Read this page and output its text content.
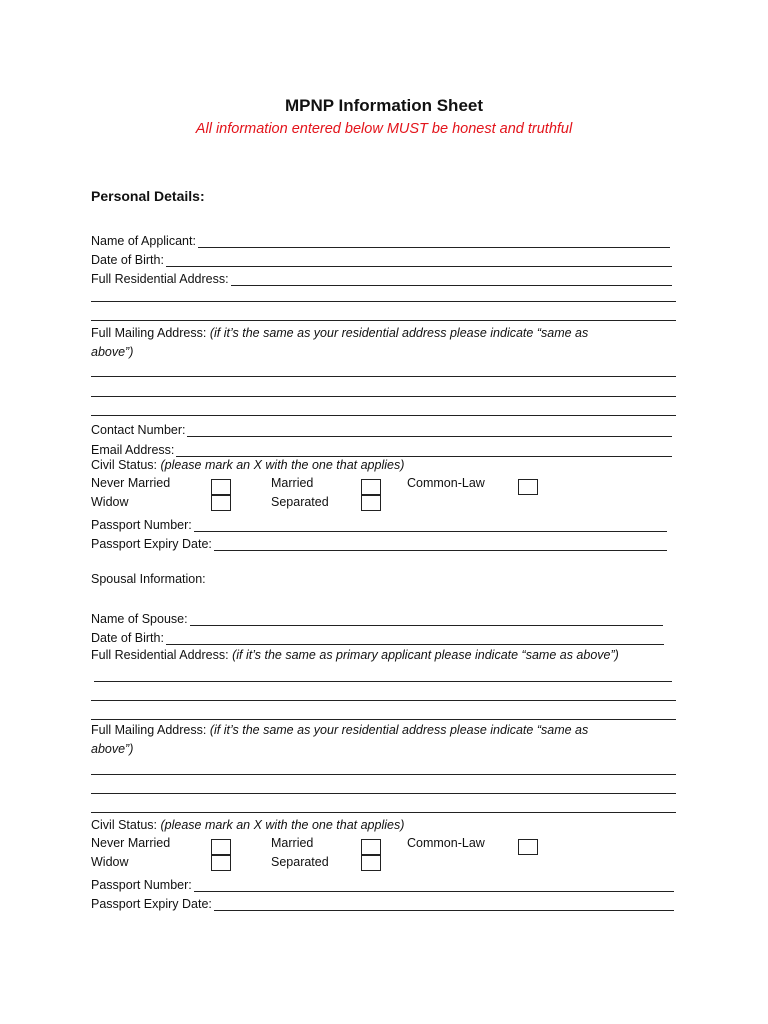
MPNP Information Sheet

All information entered below MUST be honest and truthful

Personal Details:
Name of Applicant:
Date of Birth:
Full Residential Address:
Full Mailing Address: (if it’s the same as your residential address please indicate “same as
above”)
Contact Number:
Email Address:
Civil Status: (please mark an X with the one that applies)
Never Married
Widow
Married
Separated
Common-Law
Passport Number:
Passport Expiry Date:
Spousal Information:
Name of Spouse:
Date of Birth:
Full Residential Address: (if it’s the same as primary applicant please indicate “same as above”)
Full Mailing Address: (if it’s the same as your residential address please indicate “same as
above”)
Civil Status: (please mark an X with the one that applies)
Never Married
Widow
Married
Separated
Common-Law
Passport Number:
Passport Expiry Date:
